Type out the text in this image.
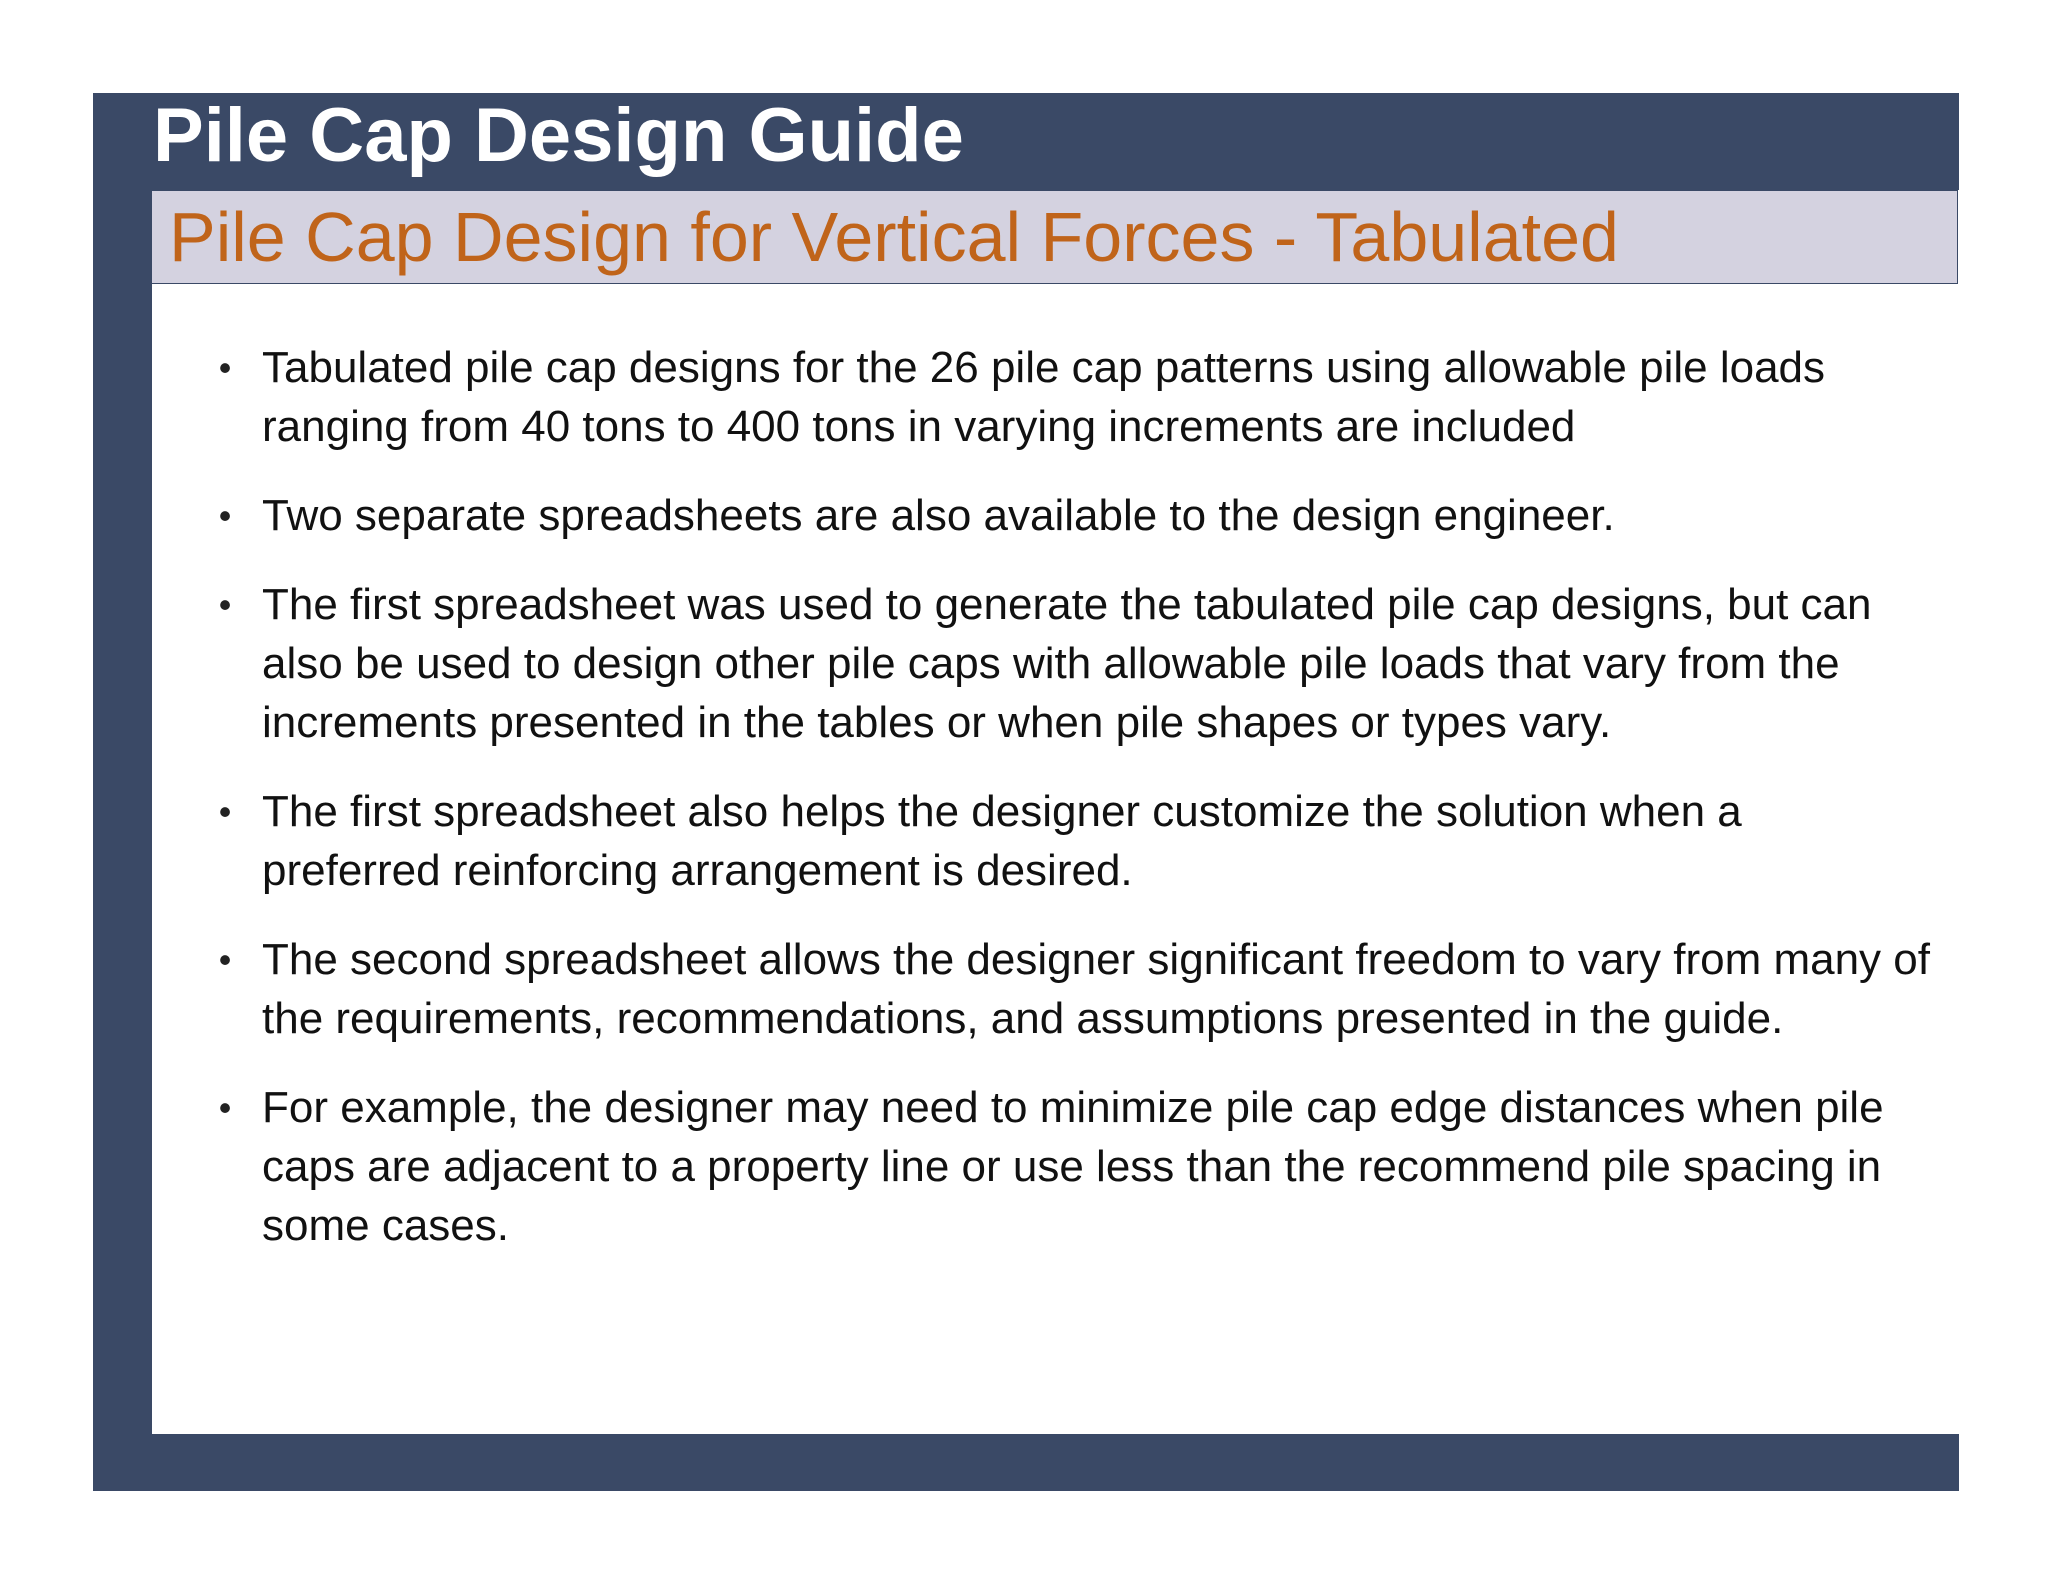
Pile Cap Design Guide
Pile Cap Design for Vertical Forces - Tabulated
• Tabulated pile cap designs for the 26 pile cap patterns using allowable pile loads ranging from 40 tons to 400 tons in varying increments are included
• Two separate spreadsheets are also available to the design engineer.
• The first spreadsheet was used to generate the tabulated pile cap designs, but can also be used to design other pile caps with allowable pile loads that vary from the increments presented in the tables or when pile shapes or types vary.
• The first spreadsheet also helps the designer customize the solution when a preferred reinforcing arrangement is desired.
• The second spreadsheet allows the designer significant freedom to vary from many of the requirements, recommendations, and assumptions presented in the guide.
• For example, the designer may need to minimize pile cap edge distances when pile caps are adjacent to a property line or use less than the recommend pile spacing in some cases.
